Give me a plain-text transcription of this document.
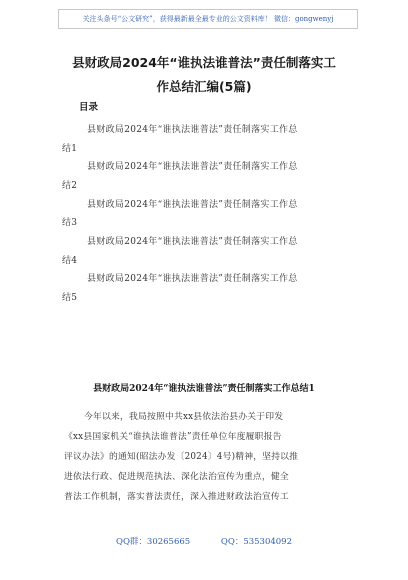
关注头条号“公文研究”，获得最新最全最专业的公文资料库！ 微信：gongwenyj
县财政局2024年“谁执法谁普法”责任制落实工
作总结汇编(5篇)
目录
县财政局2024年“谁执法谁普法”责任制落实工作总
结1
县财政局2024年“谁执法谁普法”责任制落实工作总
结2
县财政局2024年“谁执法谁普法”责任制落实工作总
结3
县财政局2024年“谁执法谁普法”责任制落实工作总
结4
县财政局2024年“谁执法谁普法”责任制落实工作总
结5
县财政局2024年“谁执法谁普法”责任制落实工作总结1
今年以来，我局按照中共xx县依法治县办关于印发
《xx县国家机关“谁执法谁普法”责任单位年度履职报告
评议办法》的通知(昭法办发〔2024〕4号)精神，坚持以推
进依法行政、促进规范执法、深化法治宣传为重点，健全
普法工作机制，落实普法责任，深入推进财政法治宣传工
QQ群：30265665	QQ：535304092
